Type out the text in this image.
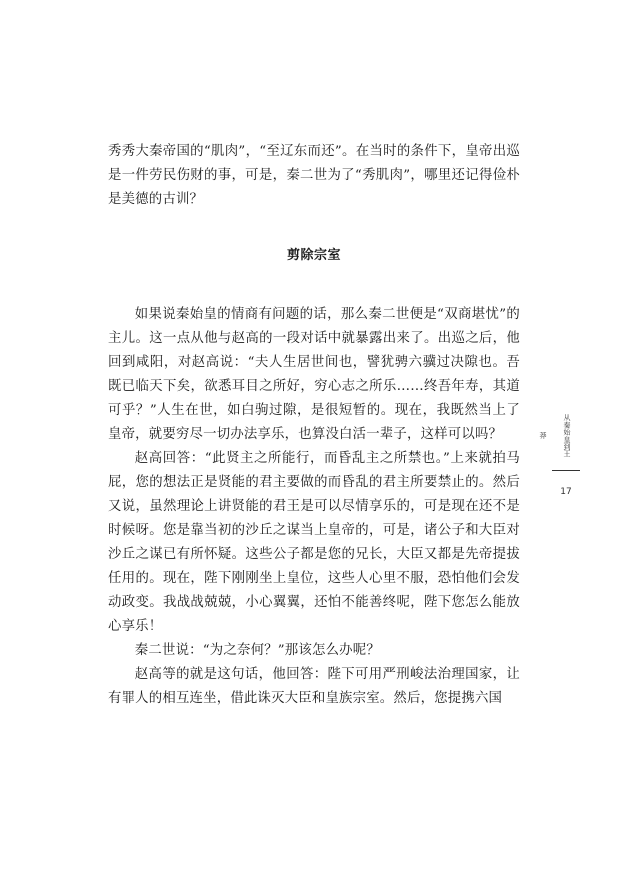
秀秀大秦帝国的“肌肉”，“至辽东而还”。在当时的条件下，皇帝出巡是一件劳民伤财的事，可是，秦二世为了“秀肌肉”，哪里还记得俭朴是美德的古训？

剪除宗室

如果说秦始皇的情商有问题的话，那么秦二世便是“双商堪忧”的主儿。这一点从他与赵高的一段对话中就暴露出来了。出巡之后，他回到咸阳，对赵高说：“夫人生居世间也，譬犹骋六骥过决隙也。吾既已临天下矣，欲悉耳目之所好，穷心志之所乐……终吾年寿，其道可乎？”人生在世，如白驹过隙，是很短暂的。现在，我既然当上了皇帝，就要穷尽一切办法享乐，也算没白活一辈子，这样可以吗？

赵高回答：“此贤主之所能行，而昏乱主之所禁也。”上来就拍马屁，您的想法正是贤能的君主要做的而昏乱的君主所要禁止的。然后又说，虽然理论上讲贤能的君王是可以尽情享乐的，可是现在还不是时候呀。您是靠当初的沙丘之谋当上皇帝的，可是，诸公子和大臣对沙丘之谋已有所怀疑。这些公子都是您的兄长，大臣又都是先帝提拔任用的。现在，陛下刚刚坐上皇位，这些人心里不服，恐怕他们会发动政变。我战战兢兢，小心翼翼，还怕不能善终呢，陛下您怎么能放心享乐！

秦二世说：“为之奈何？”那该怎么办呢？

赵高等的就是这句话，他回答：陛下可用严刑峻法治理国家，让有罪人的相互连坐，借此诛灭大臣和皇族宗室。然后，您提携六国

从秦始皇到王莽
17
